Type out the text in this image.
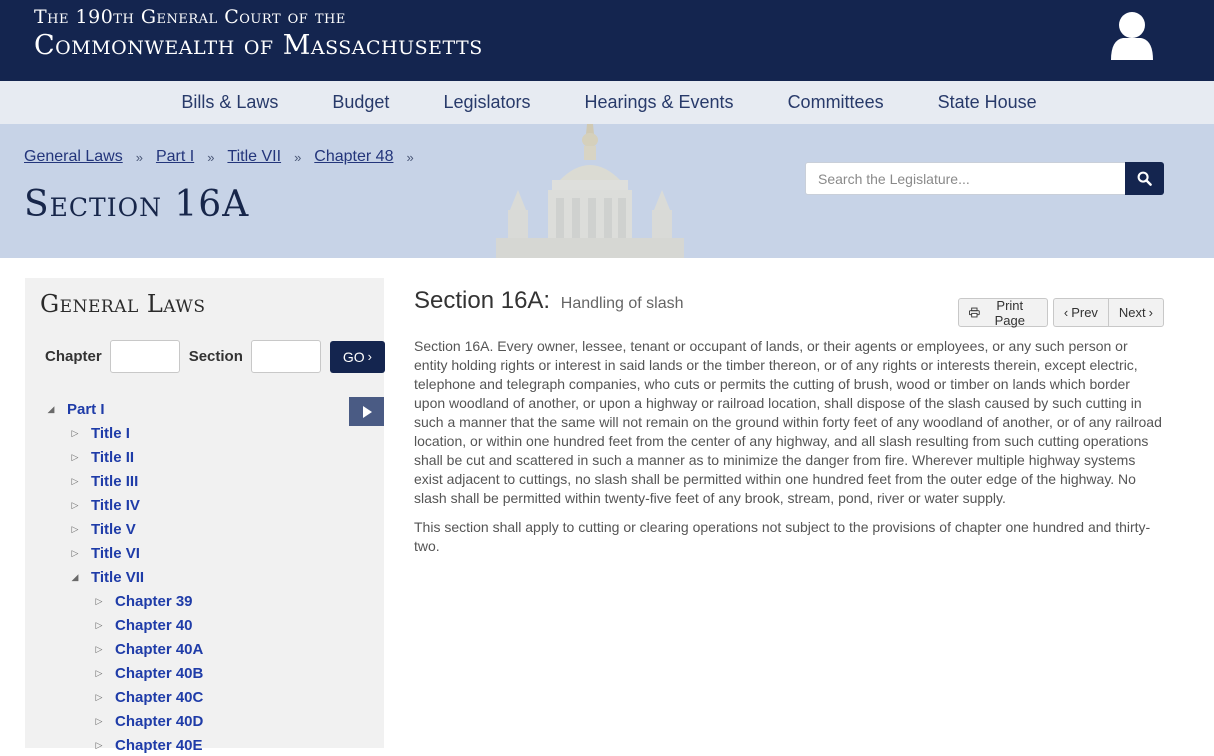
The 190th General Court of the
Commonwealth of Massachusetts
Bills & Laws	Budget	Legislators	Hearings & Events	Committees	State House
General Laws » Part I » Title VII » Chapter 48 »
Section 16A
Search the Legislature...
General Laws
Chapter	Section	GO ›
◢ Part I
▷ Title I
▷ Title II
▷ Title III
▷ Title IV
▷ Title V
▷ Title VI
◢ Title VII
▷ Chapter 39
▷ Chapter 40
▷ Chapter 40A
▷ Chapter 40B
▷ Chapter 40C
▷ Chapter 40D
▷ Chapter 40E
Section 16A: Handling of slash	Print Page	‹ Prev Next ›

Section 16A. Every owner, lessee, tenant or occupant of lands, or their agents or employees, or any such person or entity holding rights or interest in said lands or the timber thereon, or of any rights or interests therein, except electric, telephone and telegraph companies, who cuts or permits the cutting of brush, wood or timber on lands which border upon woodland of another, or upon a highway or railroad location, shall dispose of the slash caused by such cutting in such a manner that the same will not remain on the ground within forty feet of any woodland of another, or of any railroad location, or within one hundred feet from the center of any highway, and all slash resulting from such cutting operations shall be cut and scattered in such a manner as to minimize the danger from fire. Wherever multiple highway systems exist adjacent to cuttings, no slash shall be permitted within one hundred feet from the outer edge of the highway. No slash shall be permitted within twenty-five feet of any brook, stream, pond, river or water supply.

This section shall apply to cutting or clearing operations not subject to the provisions of chapter one hundred and thirty-two.
